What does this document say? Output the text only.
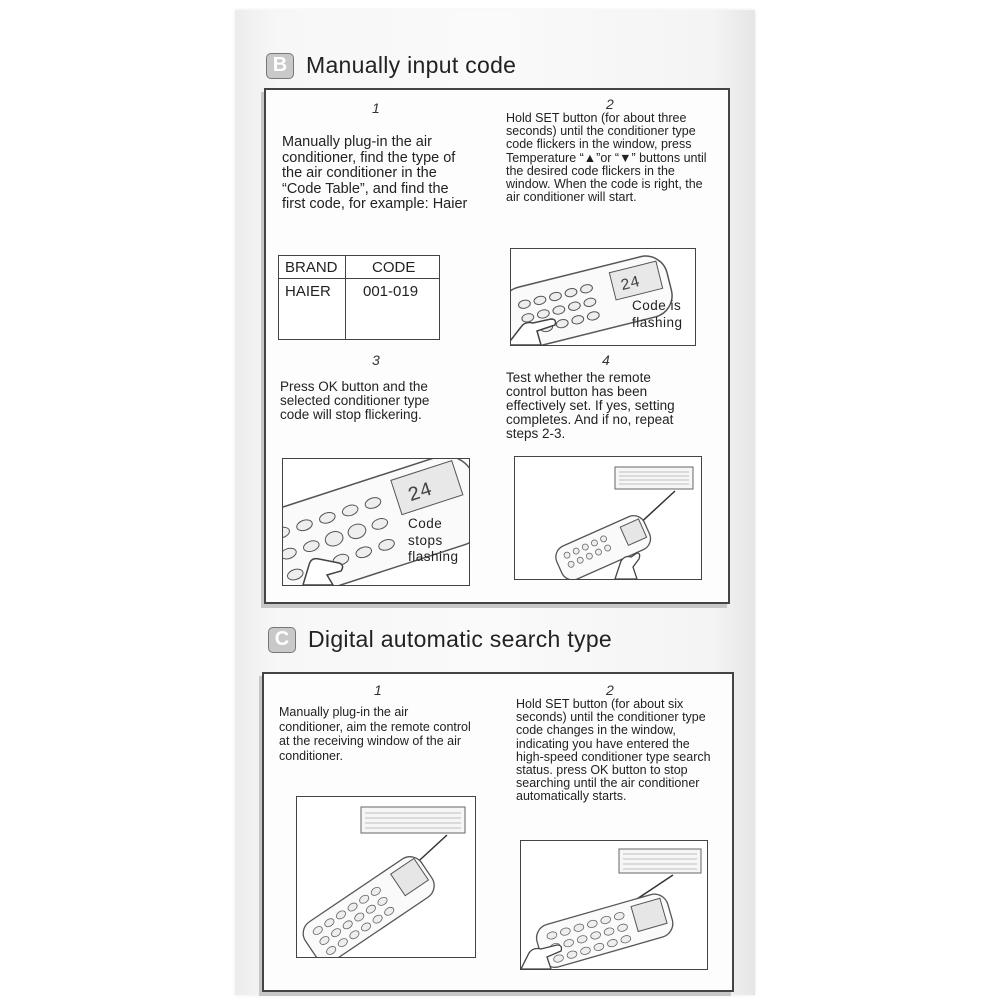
B Manually input code
1
Manually plug-in the air conditioner, find the type of the air conditioner in the “Code Table”, and find the first code, for example: Haier
2
Hold SET button (for about three seconds) until the conditioner type code flickers in the window, press Temperature “▲”or “▼” buttons until the desired code flickers in the window. When the code is right, the air conditioner will start.
BRAND CODE
HAIER 001-019	24
Code is
flashing
3
Press OK button and the selected conditioner type code will stop flickering.
4
Test whether the remote control button has been effectively set. If yes, setting completes. And if no, repeat steps 2-3.
24
Code
stops
flashing
C Digital automatic search type
1
Manually plug-in the air conditioner, aim the remote control at the receiving window of the air conditioner.
2
Hold SET button (for about six seconds) until the conditioner type code changes in the window, indicating you have entered the high-speed conditioner type search status. press OK button to stop searching until the air conditioner automatically starts.
